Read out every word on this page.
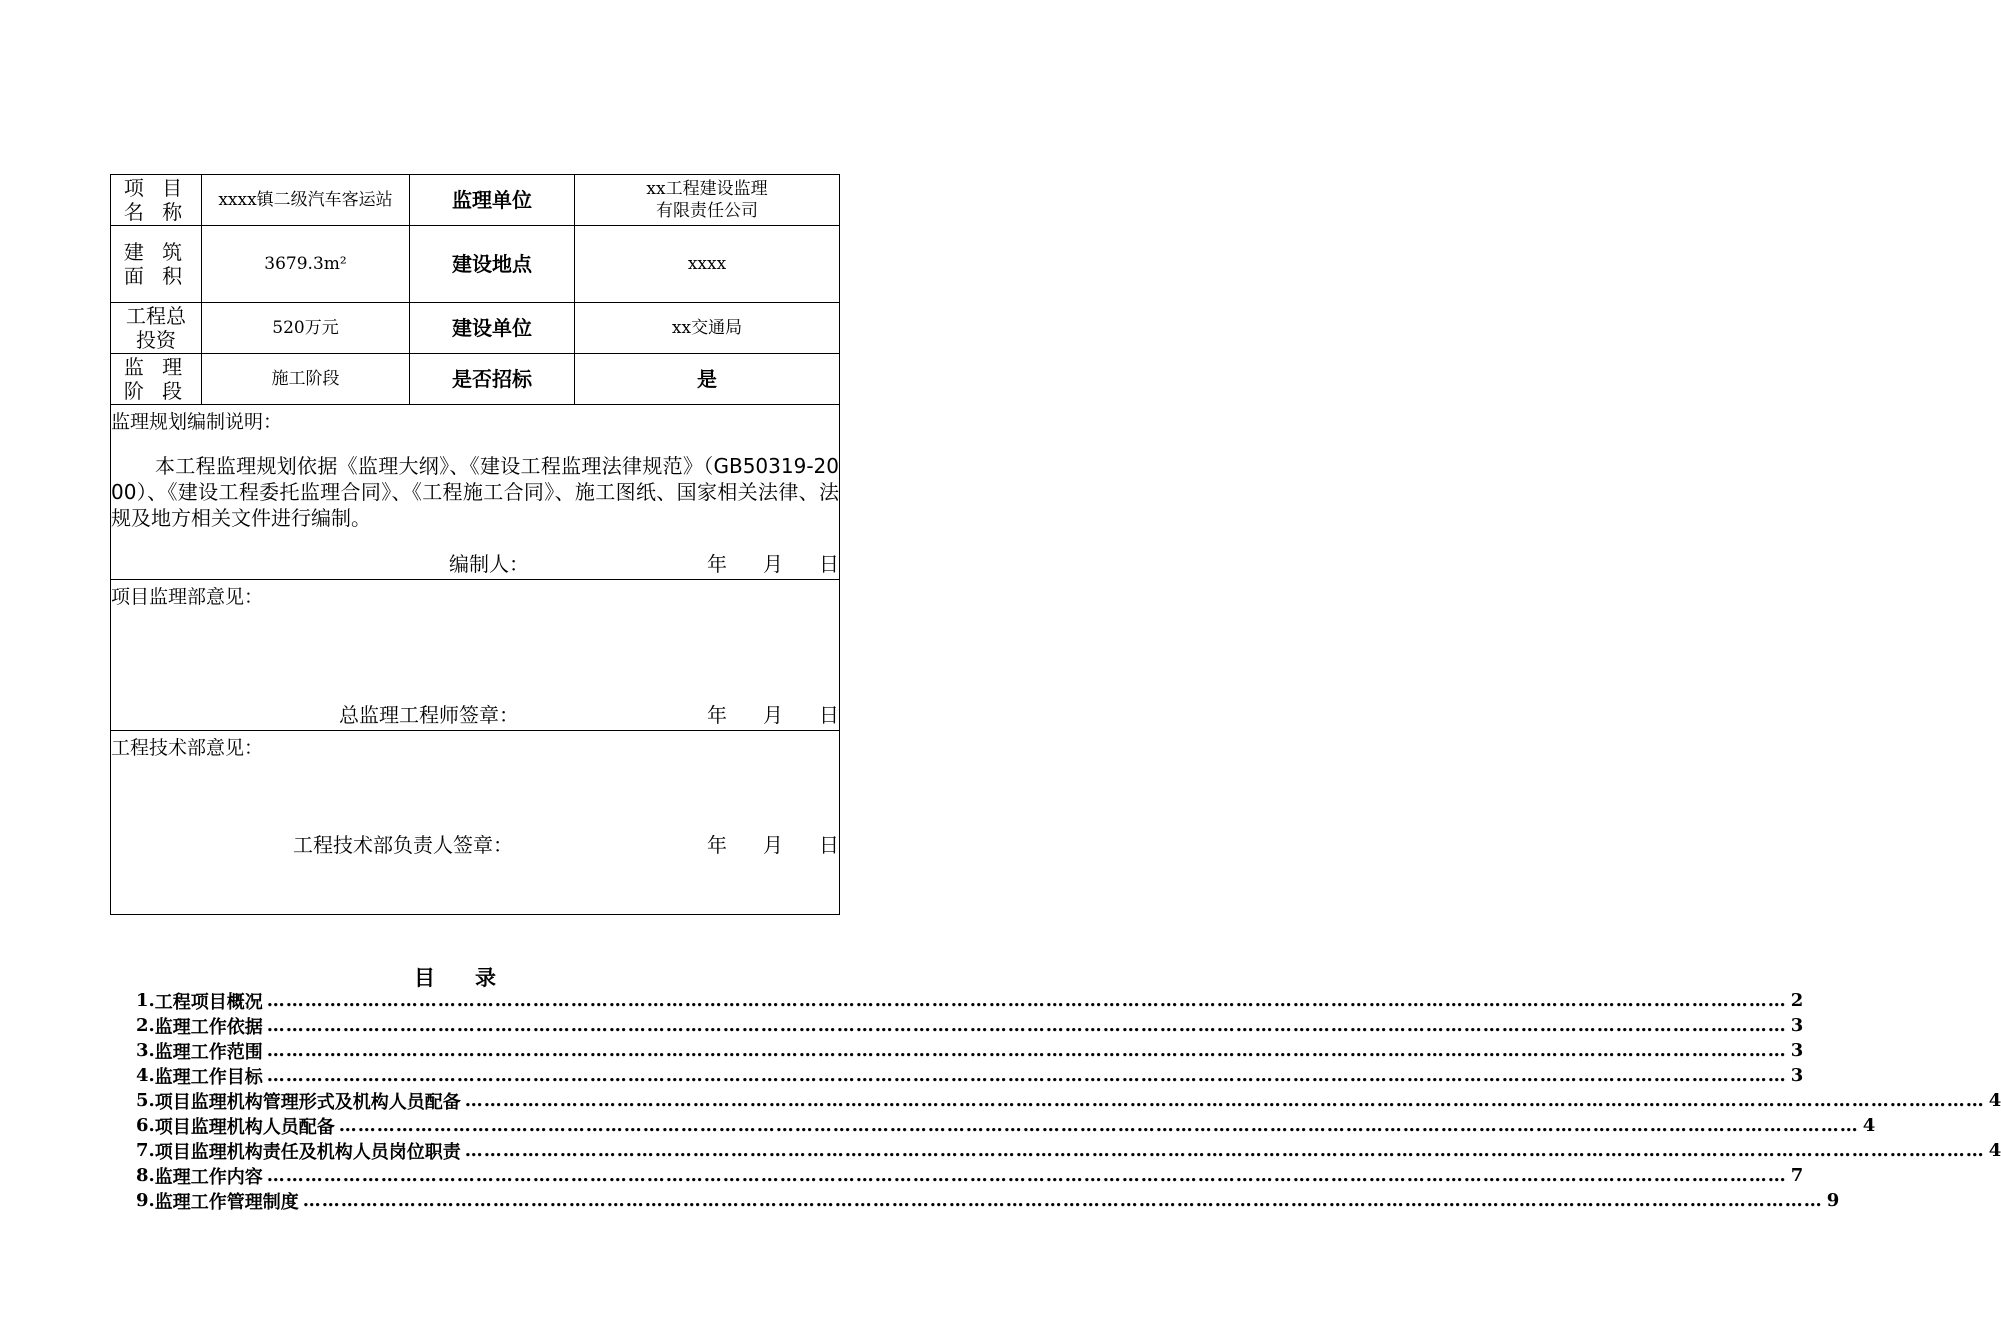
项 目
名 称	xxxx镇二级汽车客运站	监理单位	xx工程建设监理
有限责任公司
建 筑
面 积	3679.3m²	建设地点	xxxx
工程总
投资	520万元	建设单位	xx交通局
监 理
阶 段	施工阶段	是否招标	是
监理规划编制说明：
本工程监理规划依据《监理大纲》、《建设工程监理法律规范》（GB50319-2000）、《建设工程委托监理合同》、《工程施工合同》、施工图纸、国家相关法律、法规及地方相关文件进行编制。
编制人：	年 月 日
项目监理部意见：
总监理工程师签章：	年 月 日
工程技术部意见：
工程技术部负责人签章：	年 月 日
目录
1. 工程项目概况 …………………………………………………………………………………………………………………………………………………………………………………………………………………… 2
2. 监理工作依据 …………………………………………………………………………………………………………………………………………………………………………………………………………………… 3
3. 监理工作范围 …………………………………………………………………………………………………………………………………………………………………………………………………………………… 3
4. 监理工作目标 …………………………………………………………………………………………………………………………………………………………………………………………………………………… 3
5. 项目监理机构管理形式及机构人员配备 …………………………………………………………………………………………………………………………………………………………………………………………………………………… 4
6. 项目监理机构人员配备 …………………………………………………………………………………………………………………………………………………………………………………………………………………… 4
7. 项目监理机构责任及机构人员岗位职责 …………………………………………………………………………………………………………………………………………………………………………………………………………………… 4
8. 监理工作内容 …………………………………………………………………………………………………………………………………………………………………………………………………………………… 7
9. 监理工作管理制度 …………………………………………………………………………………………………………………………………………………………………………………………………………………… 9
